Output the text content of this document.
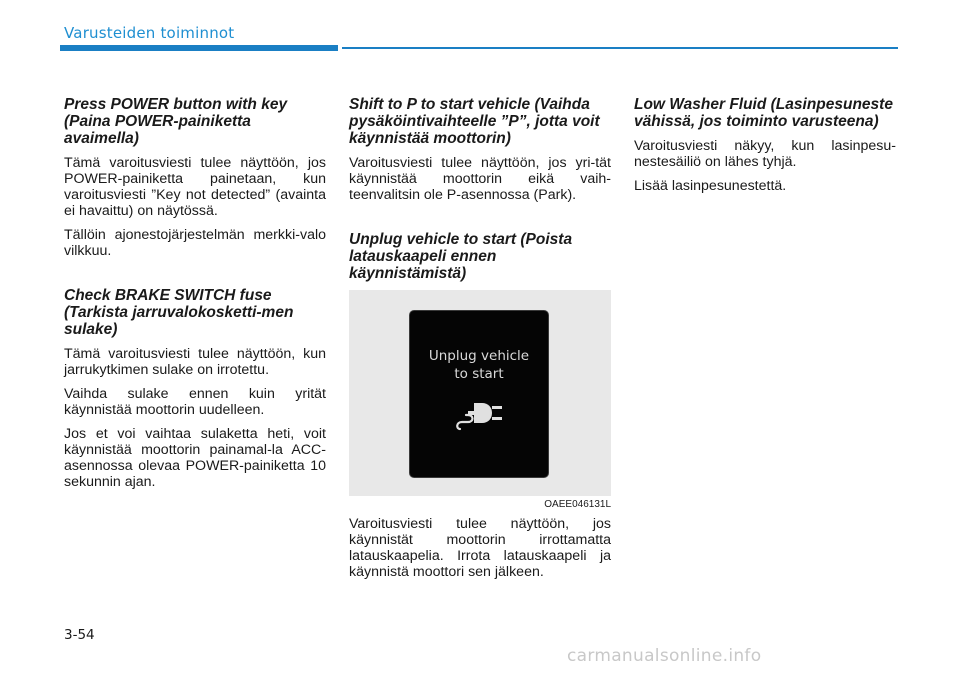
Varusteiden toiminnot
Press POWER button with key (Paina POWER-painiketta avaimella)

Tämä varoitusviesti tulee näyttöön, jos POWER-painiketta painetaan, kun varoitusviesti ”Key not detected” (avainta ei havaittu) on näytössä.

Tällöin ajonestojärjestelmän merkki-valo vilkkuu.

Check BRAKE SWITCH fuse (Tarkista jarruvalokosketti-men sulake)

Tämä varoitusviesti tulee näyttöön, kun jarrukytkimen sulake on irrotettu.

Vaihda sulake ennen kuin yrität käynnistää moottorin uudelleen.

Jos et voi vaihtaa sulaketta heti, voit käynnistää moottorin painamal-la ACC-asennossa olevaa POWER-painiketta 10 sekunnin ajan.

Shift to P to start vehicle (Vaihda pysäköintivaihteelle ”P”, jotta voit käynnistää moottorin)

Varoitusviesti tulee näyttöön, jos yri-tät käynnistää moottorin eikä vaih-teenvalitsin ole P-asennossa (Park).

Unplug vehicle to start (Poista latauskaapeli ennen käynnistämistä)
Unplug vehicle
to start
OAEE046131L

Varoitusviesti tulee näyttöön, jos käynnistät moottorin irrottamatta latauskaapelia. Irrota latauskaapeli ja käynnistä moottori sen jälkeen.

Low Washer Fluid (Lasinpesuneste vähissä, jos toiminto varusteena)

Varoitusviesti näkyy, kun lasinpesu-nestesäiliö on lähes tyhjä.

Lisää lasinpesunestettä.

3-54
carmanualsonline.info
